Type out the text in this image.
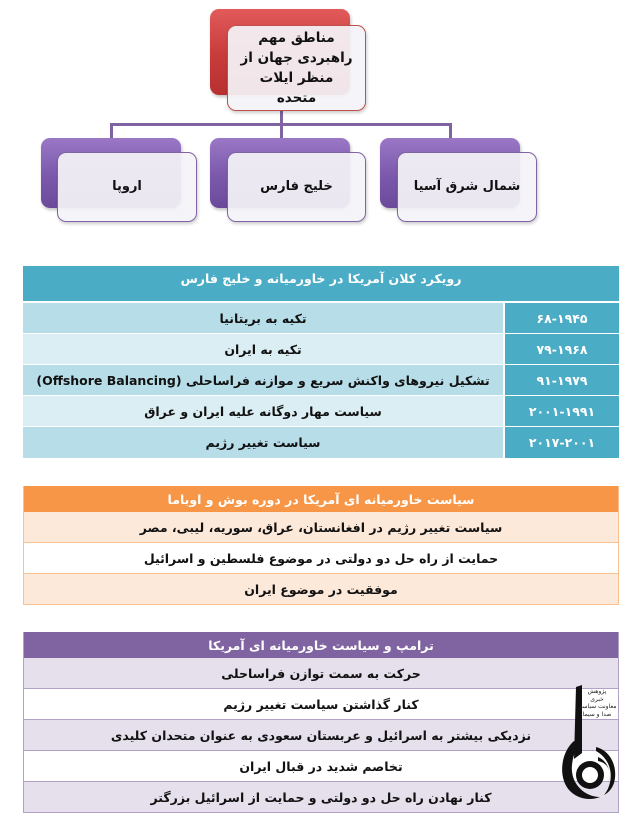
مناطق مهم راهبردی جهان از منظر ایلات متحده
اروپا	خلیج فارس	شمال شرق آسیا
رویکرد کلان آمریکا در خاورمیانه و خلیج فارس
۶۸-۱۹۴۵
تکیه به بریتانیا
۷۹-۱۹۶۸
تکیه به ایران
۹۱-۱۹۷۹
تشکیل نیروهای واکنش سریع و موازنه فراساحلی (Offshore Balancing)
۲۰۰۱-۱۹۹۱
سیاست مهار دوگانه علیه ایران و عراق
۲۰۱۷-۲۰۰۱
سیاست تغییر رژیم
سیاست خاورمیانه ای آمریکا در دوره بوش و اوباما
سیاست تغییر رژیم در افغانستان، عراق، سوریه، لیبی، مصر
حمایت از راه حل دو دولتی در موضوع فلسطین و اسرائیل
موفقیت در موضوع ایران
ترامپ و سیاست خاورمیانه ای آمریکا
حرکت به سمت توازن فراساحلی
کنار گذاشتن سیاست تغییر رژیم
نزدیکی بیشتر به اسرائیل و عربستان سعودی به عنوان متحدان کلیدی
تخاصم شدید در قبال ایران
کنار نهادن راه حل دو دولتی و حمایت از اسرائیل بزرگتر
پژوهش
خبری
معاونت سیاسی
صدا و سیما
